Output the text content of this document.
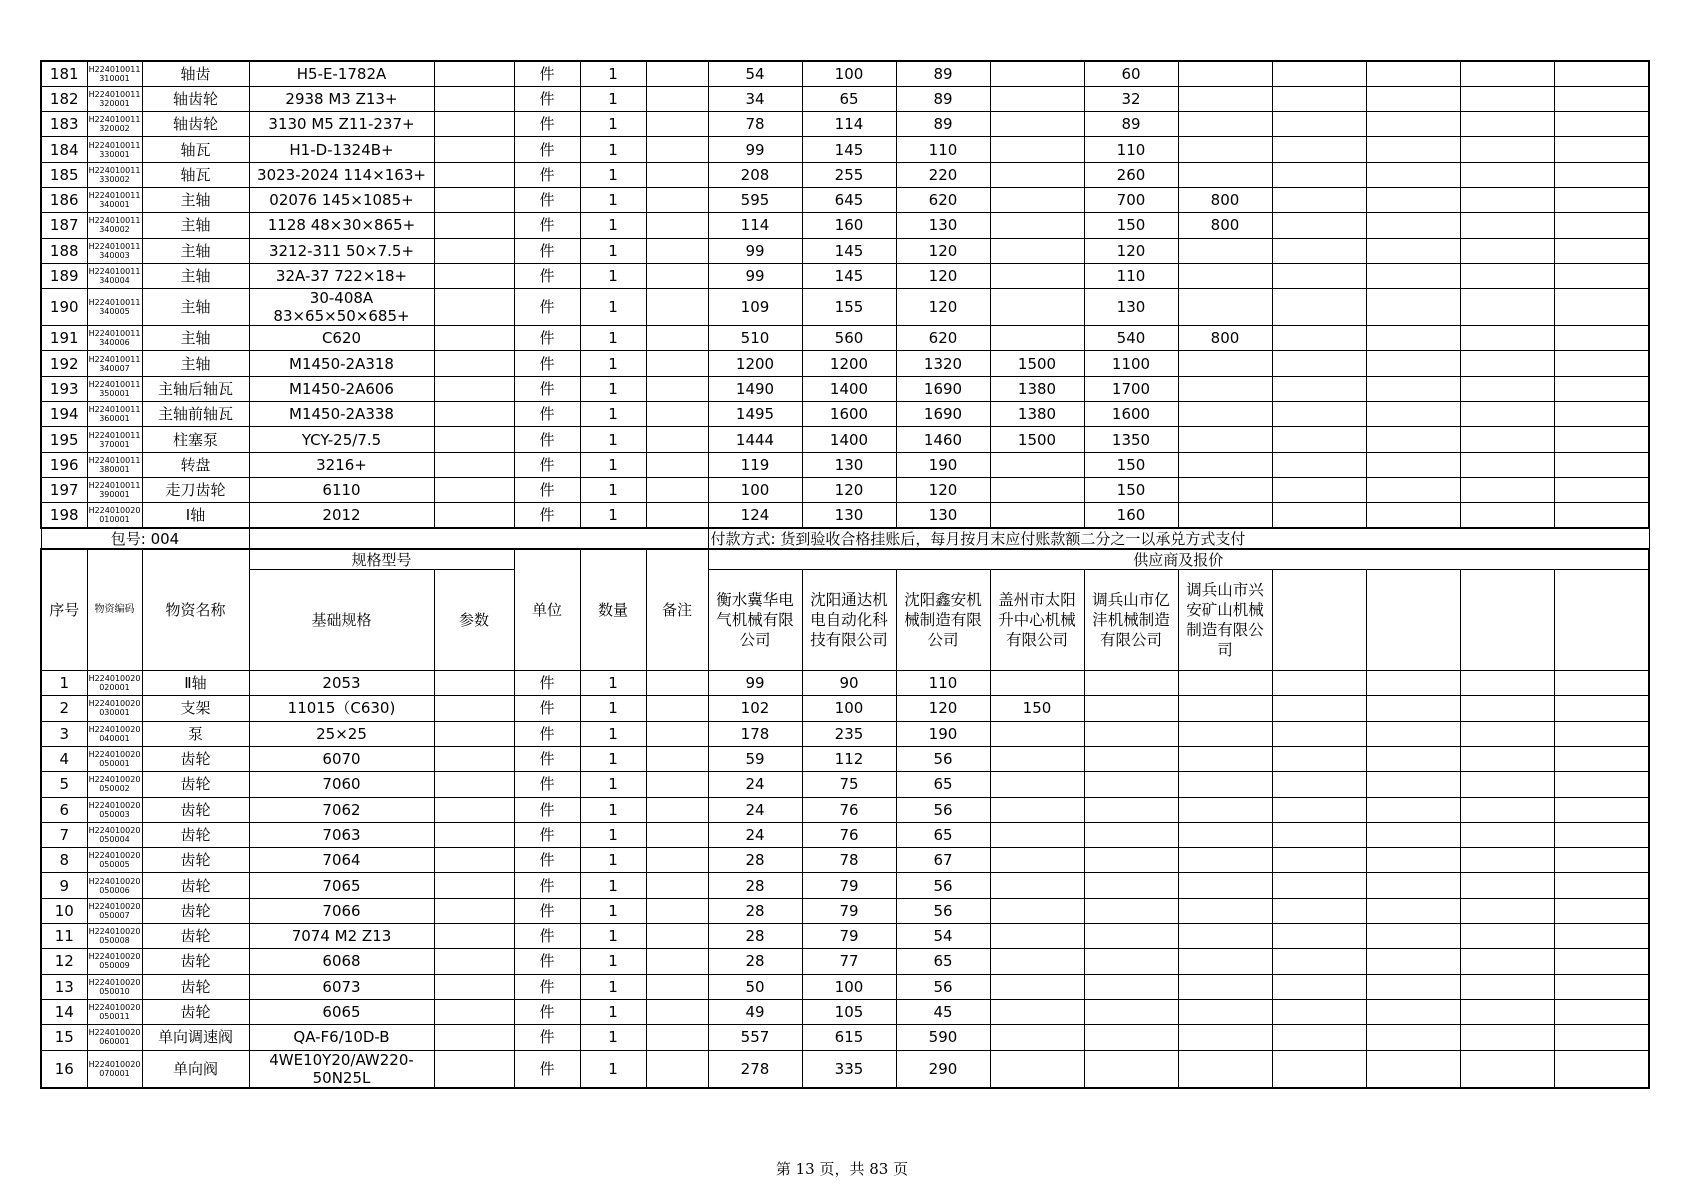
181	H224010011310001	轴齿	H5-E-1782A		件	1		54	100	89		60					
182	H224010011320001	轴齿轮	2938 M3 Z13+		件	1		34	65	89		32					
183	H224010011320002	轴齿轮	3130 M5 Z11-237+		件	1		78	114	89		89					
184	H224010011330001	轴瓦	H1-D-1324B+		件	1		99	145	110		110					
185	H224010011330002	轴瓦	3023-2024 114×163+		件	1		208	255	220		260					
186	H224010011340001	主轴	02076 145×1085+		件	1		595	645	620		700	800				
187	H224010011340002	主轴	1128 48×30×865+		件	1		114	160	130		150	800				
188	H224010011340003	主轴	3212-311 50×7.5+		件	1		99	145	120		120					
189	H224010011340004	主轴	32A-37 722×18+		件	1		99	145	120		110					
190	H224010011340005	主轴	30-408A 83×65×50×685+		件	1		109	155	120		130					
191	H224010011340006	主轴	C620		件	1		510	560	620		540	800				
192	H224010011340007	主轴	M1450-2A318		件	1		1200	1200	1320	1500	1100					
193	H224010011350001	主轴后轴瓦	M1450-2A606		件	1		1490	1400	1690	1380	1700					
194	H224010011360001	主轴前轴瓦	M1450-2A338		件	1		1495	1600	1690	1380	1600					
195	H224010011370001	柱塞泵	YCY-25/7.5		件	1		1444	1400	1460	1500	1350					
196	H224010011380001	转盘	3216+		件	1		119	130	190		150					
197	H224010011390001	走刀齿轮	6110		件	1		100	120	120		150					
198	H224010020010001	Ⅰ轴	2012		件	1		124	130	130		160					
包号: 004								付款方式: 货到验收合格挂账后，每月按月末应付账款额二分之一以承兑方式支付									
序号	物资编码	物资名称	规格型号		单位	数量	备注	供应商及报价									
			基础规格	参数				衡水冀华电气机械有限公司	沈阳通达机电自动化科技有限公司	沈阳鑫安机械制造有限公司	盖州市太阳升中心机械有限公司	调兵山市亿沣机械制造有限公司	调兵山市兴安矿山机械制造有限公司				
1	H224010020020001	Ⅱ轴	2053		件	1		99	90	110							
2	H224010020030001	支架	11015（C630)		件	1		102	100	120	150						
3	H224010020040001	泵	25×25		件	1		178	235	190							
4	H224010020050001	齿轮	6070		件	1		59	112	56							
5	H224010020050002	齿轮	7060		件	1		24	75	65							
6	H224010020050003	齿轮	7062		件	1		24	76	56							
7	H224010020050004	齿轮	7063		件	1		24	76	65							
8	H224010020050005	齿轮	7064		件	1		28	78	67							
9	H224010020050006	齿轮	7065		件	1		28	79	56							
10	H224010020050007	齿轮	7066		件	1		28	79	56							
11	H224010020050008	齿轮	7074 M2 Z13		件	1		28	79	54							
12	H224010020050009	齿轮	6068		件	1		28	77	65							
13	H224010020050010	齿轮	6073		件	1		50	100	56							
14	H224010020050011	齿轮	6065		件	1		49	105	45							
15	H224010020060001	单向调速阀	QA-F6/10D-B		件	1		557	615	590							
16	H224010020070001	单向阀	4WE10Y20/AW220-50N25L		件	1		278	335	290							
第 13 页，共 83 页
